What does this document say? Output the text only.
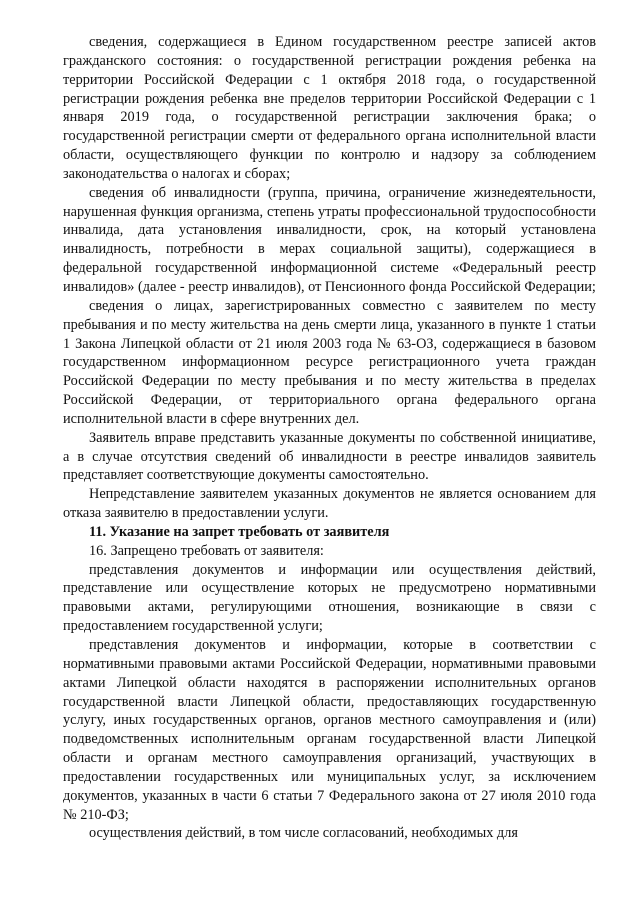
сведения, содержащиеся в Едином государственном реестре записей актов гражданского состояния: о государственной регистрации рождения ребенка на территории Российской Федерации с 1 октября 2018 года, о государственной регистрации рождения ребенка вне пределов территории Российской Федерации с 1 января 2019 года, о государственной регистрации заключения брака; о государственной регистрации смерти от федерального органа исполнительной власти области, осуществляющего функции по контролю и надзору за соблюдением законодательства о налогах и сборах;

сведения об инвалидности (группа, причина, ограничение жизнедеятельности, нарушенная функция организма, степень утраты профессиональной трудоспособности инвалида, дата установления инвалидности, срок, на который установлена инвалидность, потребности в мерах социальной защиты), содержащиеся в федеральной государственной информационной системе «Федеральный реестр инвалидов» (далее - реестр инвалидов), от Пенсионного фонда Российской Федерации;

сведения о лицах, зарегистрированных совместно с заявителем по месту пребывания и по месту жительства на день смерти лица, указанного в пункте 1 статьи 1 Закона Липецкой области от 21 июля 2003 года № 63-ОЗ, содержащиеся в базовом государственном информационном ресурсе регистрационного учета граждан Российской Федерации по месту пребывания и по месту жительства в пределах Российской Федерации, от территориального органа федерального органа исполнительной власти в сфере внутренних дел.

Заявитель вправе представить указанные документы по собственной инициативе, а в случае отсутствия сведений об инвалидности в реестре инвалидов заявитель представляет соответствующие документы самостоятельно.

Непредставление заявителем указанных документов не является основанием для отказа заявителю в предоставлении услуги.

11. Указание на запрет требовать от заявителя

16. Запрещено требовать от заявителя:

представления документов и информации или осуществления действий, представление или осуществление которых не предусмотрено нормативными правовыми актами, регулирующими отношения, возникающие в связи с предоставлением государственной услуги;

представления документов и информации, которые в соответствии с нормативными правовыми актами Российской Федерации, нормативными правовыми актами Липецкой области находятся в распоряжении исполнительных органов государственной власти Липецкой области, предоставляющих государственную услугу, иных государственных органов, органов местного самоуправления и (или) подведомственных исполнительным органам государственной власти Липецкой области и органам местного самоуправления организаций, участвующих в предоставлении государственных или муниципальных услуг, за исключением документов, указанных в части 6 статьи 7 Федерального закона от 27 июля 2010 года № 210-ФЗ;

осуществления действий, в том числе согласований, необходимых для
